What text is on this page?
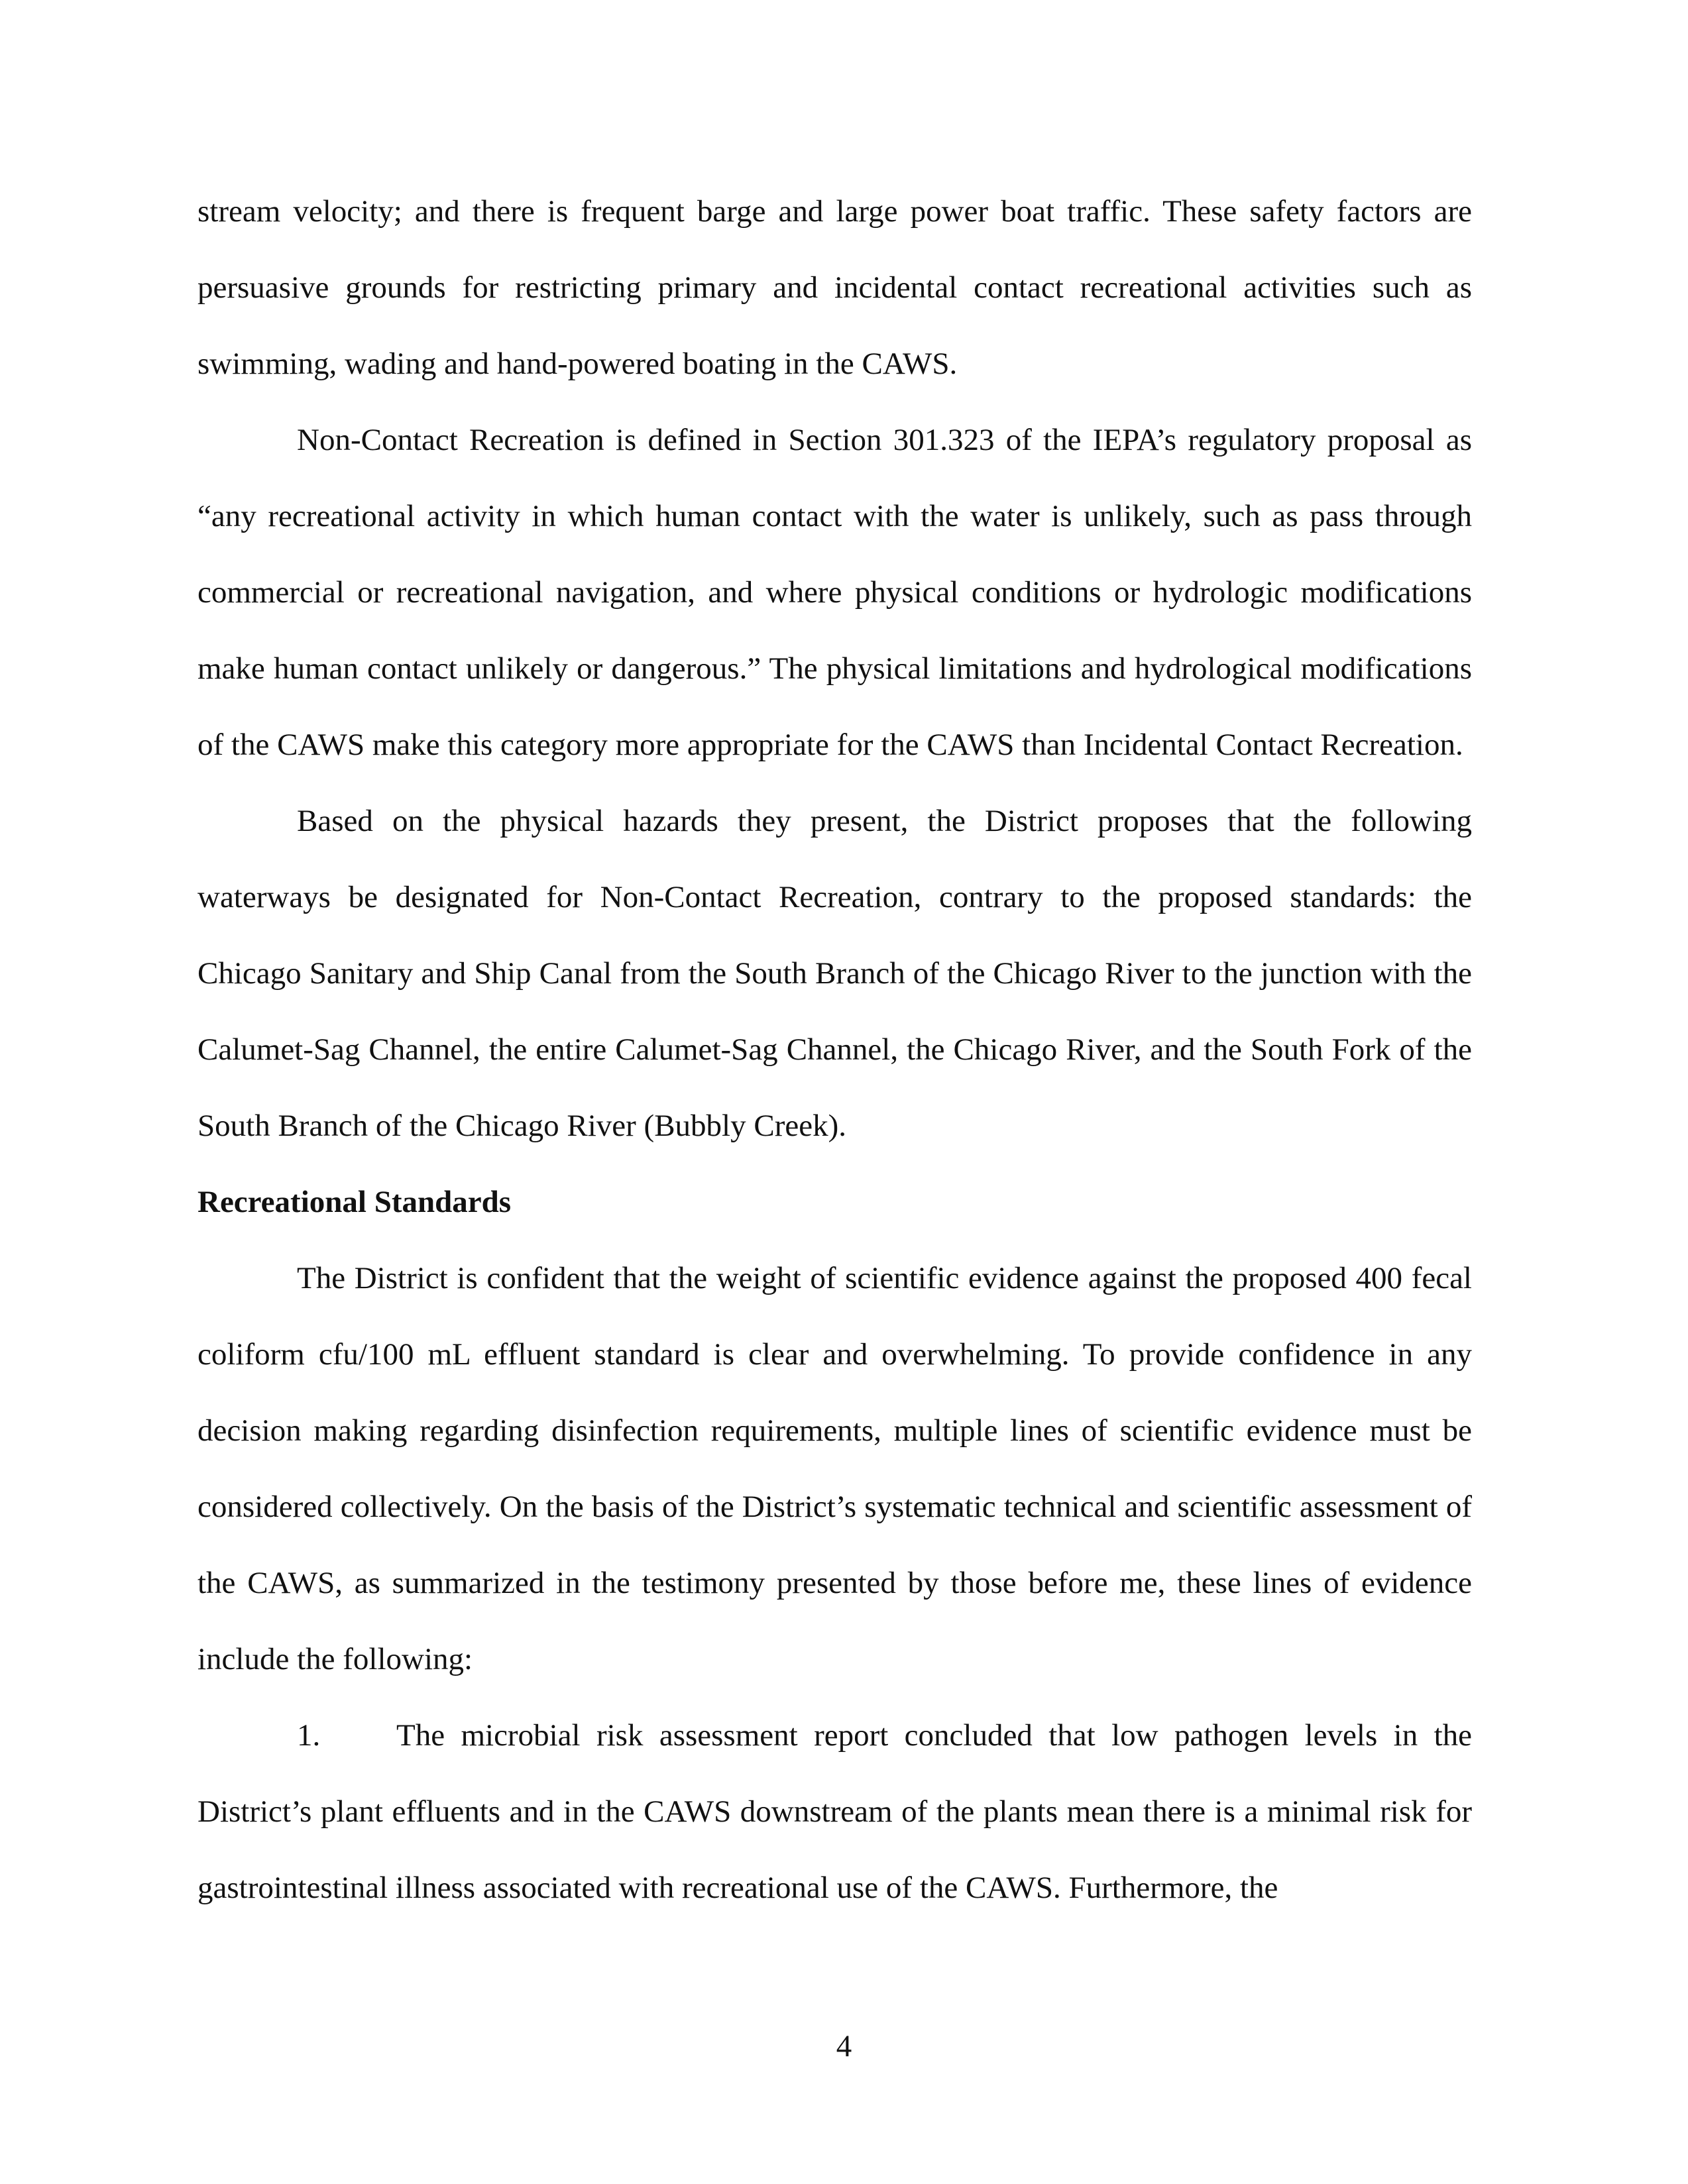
stream velocity; and there is frequent barge and large power boat traffic. These safety factors are persuasive grounds for restricting primary and incidental contact recreational activities such as swimming, wading and hand-powered boating in the CAWS.

Non-Contact Recreation is defined in Section 301.323 of the IEPA’s regulatory proposal as “any recreational activity in which human contact with the water is unlikely, such as pass through commercial or recreational navigation, and where physical conditions or hydrologic modifications make human contact unlikely or dangerous.” The physical limitations and hydrological modifications of the CAWS make this category more appropriate for the CAWS than Incidental Contact Recreation.

Based on the physical hazards they present, the District proposes that the following waterways be designated for Non-Contact Recreation, contrary to the proposed standards: the Chicago Sanitary and Ship Canal from the South Branch of the Chicago River to the junction with the Calumet-Sag Channel, the entire Calumet-Sag Channel, the Chicago River, and the South Fork of the South Branch of the Chicago River (Bubbly Creek).

Recreational Standards

The District is confident that the weight of scientific evidence against the proposed 400 fecal coliform cfu/100 mL effluent standard is clear and overwhelming. To provide confidence in any decision making regarding disinfection requirements, multiple lines of scientific evidence must be considered collectively. On the basis of the District’s systematic technical and scientific assessment of the CAWS, as summarized in the testimony presented by those before me, these lines of evidence include the following:

1. The microbial risk assessment report concluded that low pathogen levels in the District’s plant effluents and in the CAWS downstream of the plants mean there is a minimal risk for gastrointestinal illness associated with recreational use of the CAWS. Furthermore, the

4
